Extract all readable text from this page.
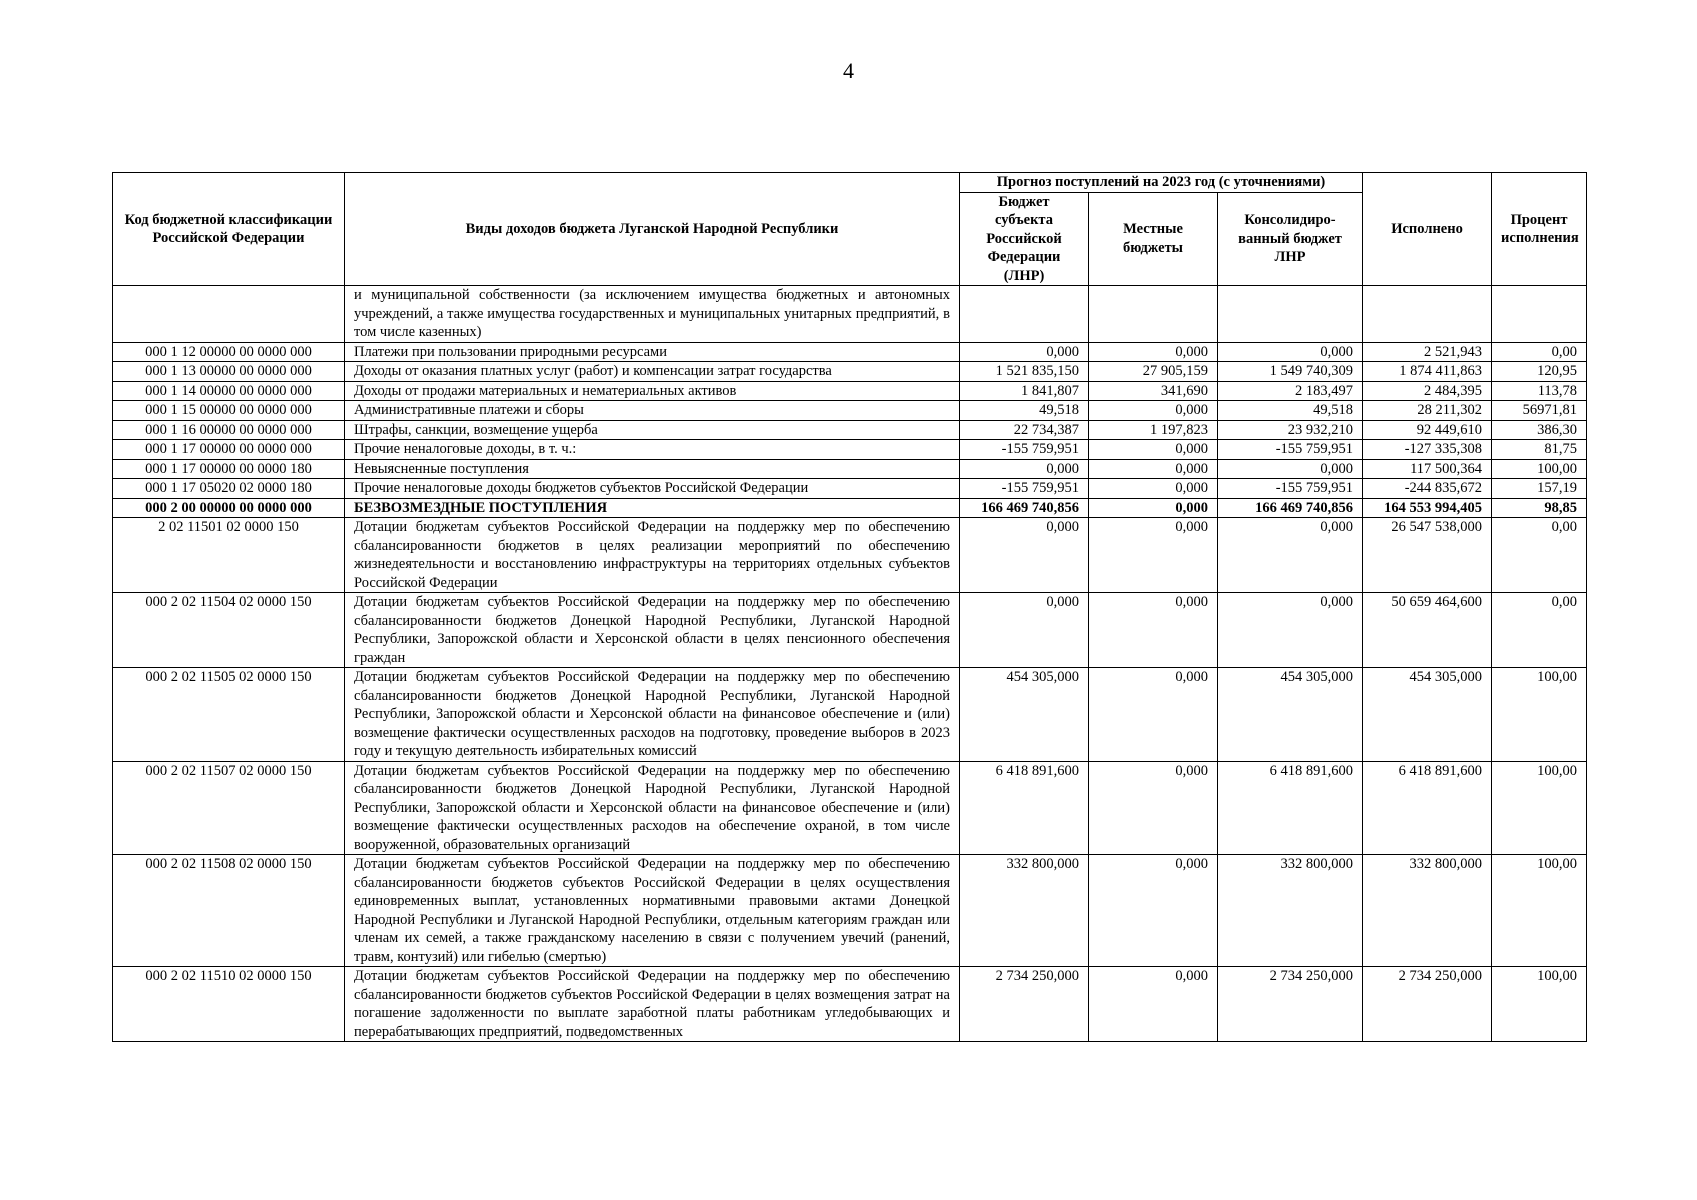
4
Код бюджетной классификации Российской Федерации	Виды доходов бюджета Луганской Народной Республики	Прогноз поступлений на 2023 год (с уточнениями)			Исполнено	Процент исполнения
		Бюджет субъекта Российской Федерации (ЛНР)	Местные бюджеты	Консолидиро-ванный бюджет ЛНР		
	и муниципальной собственности (за исключением имущества бюджетных и автономных учреждений, а также имущества государственных и муниципальных унитарных предприятий, в том числе казенных)					
000 1 12 00000 00 0000 000	Платежи при пользовании природными ресурсами	0,000	0,000	0,000	2 521,943	0,00
000 1 13 00000 00 0000 000	Доходы от оказания платных услуг (работ) и компенсации затрат государства	1 521 835,150	27 905,159	1 549 740,309	1 874 411,863	120,95
000 1 14 00000 00 0000 000	Доходы от продажи материальных и нематериальных активов	1 841,807	341,690	2 183,497	2 484,395	113,78
000 1 15 00000 00 0000 000	Административные платежи и сборы	49,518	0,000	49,518	28 211,302	56971,81
000 1 16 00000 00 0000 000	Штрафы, санкции, возмещение ущерба	22 734,387	1 197,823	23 932,210	92 449,610	386,30
000 1 17 00000 00 0000 000	Прочие неналоговые доходы, в т. ч.:	-155 759,951	0,000	-155 759,951	-127 335,308	81,75
000 1 17 00000 00 0000 180	Невыясненные поступления	0,000	0,000	0,000	117 500,364	100,00
000 1 17 05020 02 0000 180	Прочие неналоговые доходы бюджетов субъектов Российской Федерации	-155 759,951	0,000	-155 759,951	-244 835,672	157,19
000 2 00 00000 00 0000 000	БЕЗВОЗМЕЗДНЫЕ ПОСТУПЛЕНИЯ	166 469 740,856	0,000	166 469 740,856	164 553 994,405	98,85
2 02 11501 02 0000 150	Дотации бюджетам субъектов Российской Федерации на поддержку мер по обеспечению сбалансированности бюджетов в целях реализации мероприятий по обеспечению жизнедеятельности и восстановлению инфраструктуры на территориях отдельных субъектов Российской Федерации	0,000	0,000	0,000	26 547 538,000	0,00
000 2 02 11504 02 0000 150	Дотации бюджетам субъектов Российской Федерации на поддержку мер по обеспечению сбалансированности бюджетов Донецкой Народной Республики, Луганской Народной Республики, Запорожской области и Херсонской области в целях пенсионного обеспечения граждан	0,000	0,000	0,000	50 659 464,600	0,00
000 2 02 11505 02 0000 150	Дотации бюджетам субъектов Российской Федерации на поддержку мер по обеспечению сбалансированности бюджетов Донецкой Народной Республики, Луганской Народной Республики, Запорожской области и Херсонской области на финансовое обеспечение и (или) возмещение фактически осуществленных расходов на подготовку, проведение выборов в 2023 году и текущую деятельность избирательных комиссий	454 305,000	0,000	454 305,000	454 305,000	100,00
000 2 02 11507 02 0000 150	Дотации бюджетам субъектов Российской Федерации на поддержку мер по обеспечению сбалансированности бюджетов Донецкой Народной Республики, Луганской Народной Республики, Запорожской области и Херсонской области на финансовое обеспечение и (или) возмещение фактически осуществленных расходов на обеспечение охраной, в том числе вооруженной, образовательных организаций	6 418 891,600	0,000	6 418 891,600	6 418 891,600	100,00
000 2 02 11508 02 0000 150	Дотации бюджетам субъектов Российской Федерации на поддержку мер по обеспечению сбалансированности бюджетов субъектов Российской Федерации в целях осуществления единовременных выплат, установленных нормативными правовыми актами Донецкой Народной Республики и Луганской Народной Республики, отдельным категориям граждан или членам их семей, а также гражданскому населению в связи с получением увечий (ранений, травм, контузий) или гибелью (смертью)	332 800,000	0,000	332 800,000	332 800,000	100,00
000 2 02 11510 02 0000 150	Дотации бюджетам субъектов Российской Федерации на поддержку мер по обеспечению сбалансированности бюджетов субъектов Российской Федерации в целях возмещения затрат на погашение задолженности по выплате заработной платы работникам угледобывающих и перерабатывающих предприятий, подведомственных	2 734 250,000	0,000	2 734 250,000	2 734 250,000	100,00
